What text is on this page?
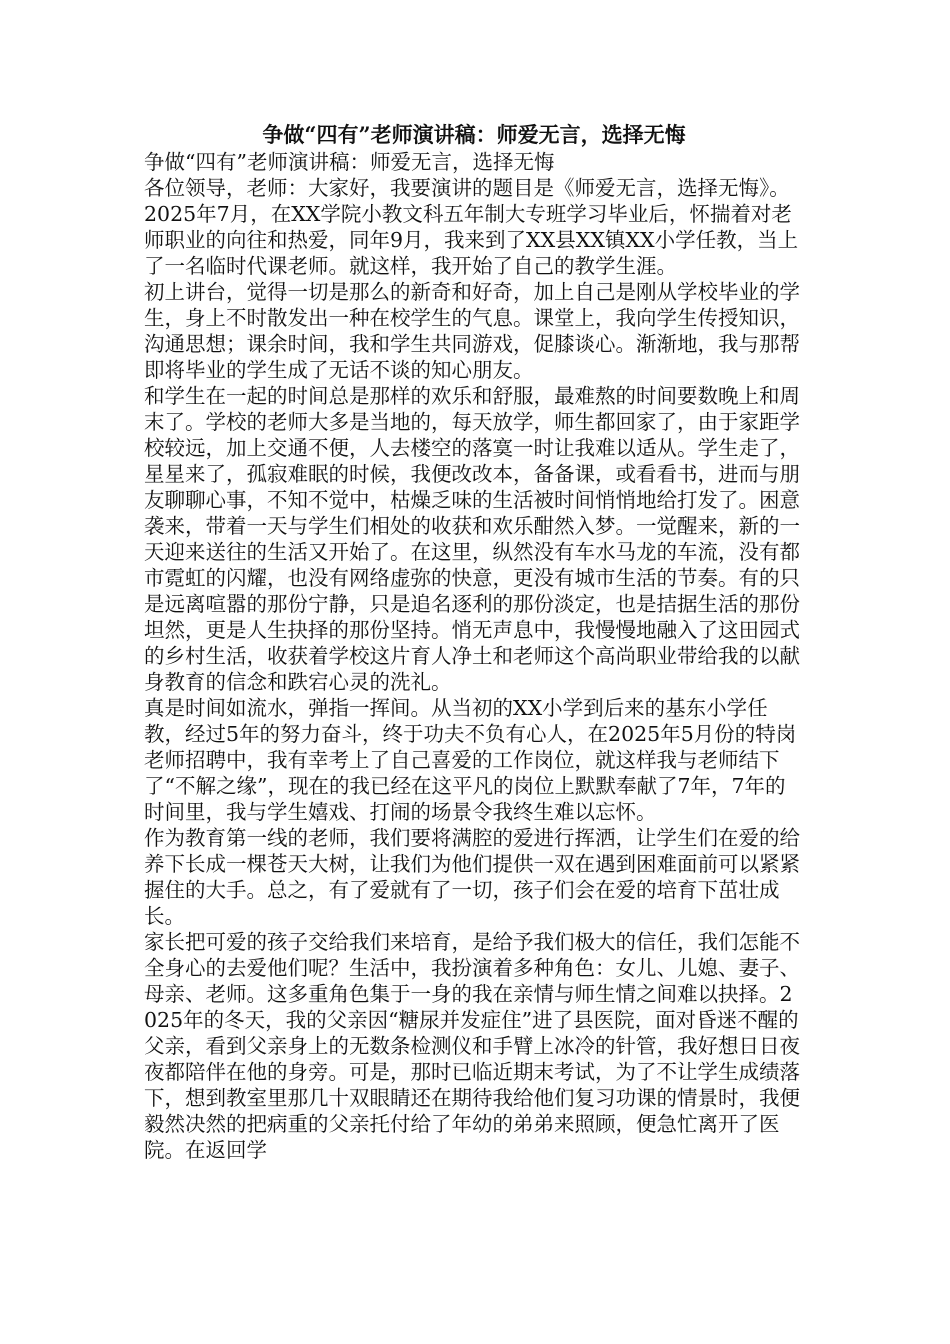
争做“四有”老师演讲稿：师爱无言，选择无悔

争做“四有”老师演讲稿：师爱无言，选择无悔

各位领导，老师：大家好，我要演讲的题目是《师爱无言，选择无悔》。

2025年7月，在XX学院小教文科五年制大专班学习毕业后，怀揣着对老师职业的向往和热爱，同年9月，我来到了XX县XX镇XX小学任教，当上了一名临时代课老师。就这样，我开始了自己的教学生涯。

初上讲台，觉得一切是那么的新奇和好奇，加上自己是刚从学校毕业的学生，身上不时散发出一种在校学生的气息。课堂上，我向学生传授知识，沟通思想；课余时间，我和学生共同游戏，促膝谈心。渐渐地，我与那帮即将毕业的学生成了无话不谈的知心朋友。

和学生在一起的时间总是那样的欢乐和舒服，最难熬的时间要数晚上和周末了。学校的老师大多是当地的，每天放学，师生都回家了，由于家距学校较远，加上交通不便，人去楼空的落寞一时让我难以适从。学生走了，星星来了，孤寂难眠的时候，我便改改本，备备课，或看看书，进而与朋友聊聊心事，不知不觉中，枯燥乏味的生活被时间悄悄地给打发了。困意袭来，带着一天与学生们相处的收获和欢乐酣然入梦。一觉醒来，新的一天迎来送往的生活又开始了。在这里，纵然没有车水马龙的车流，没有都市霓虹的闪耀，也没有网络虚弥的快意，更没有城市生活的节奏。有的只是远离喧嚣的那份宁静，只是追名逐利的那份淡定，也是拮据生活的那份坦然，更是人生抉择的那份坚持。悄无声息中，我慢慢地融入了这田园式的乡村生活，收获着学校这片育人净土和老师这个高尚职业带给我的以献身教育的信念和跌宕心灵的洗礼。

真是时间如流水，弹指一挥间。从当初的XX小学到后来的基东小学任教，经过5年的努力奋斗，终于功夫不负有心人，在2025年5月份的特岗老师招聘中，我有幸考上了自己喜爱的工作岗位，就这样我与老师结下了“不解之缘”，现在的我已经在这平凡的岗位上默默奉献了7年，7年的时间里，我与学生嬉戏、打闹的场景令我终生难以忘怀。

作为教育第一线的老师，我们要将满腔的爱进行挥洒，让学生们在爱的给养下长成一棵苍天大树，让我们为他们提供一双在遇到困难面前可以紧紧握住的大手。总之，有了爱就有了一切，孩子们会在爱的培育下茁壮成长。

家长把可爱的孩子交给我们来培育，是给予我们极大的信任，我们怎能不全身心的去爱他们呢？生活中，我扮演着多种角色：女儿、儿媳、妻子、母亲、老师。这多重角色集于一身的我在亲情与师生情之间难以抉择。2025年的冬天，我的父亲因“糖尿并发症住”进了县医院，面对昏迷不醒的父亲，看到父亲身上的无数条检测仪和手臂上冰冷的针管，我好想日日夜夜都陪伴在他的身旁。可是，那时已临近期末考试，为了不让学生成绩落下，想到教室里那几十双眼睛还在期待我给他们复习功课的情景时，我便毅然决然的把病重的父亲托付给了年幼的弟弟来照顾，便急忙离开了医院。在返回学
